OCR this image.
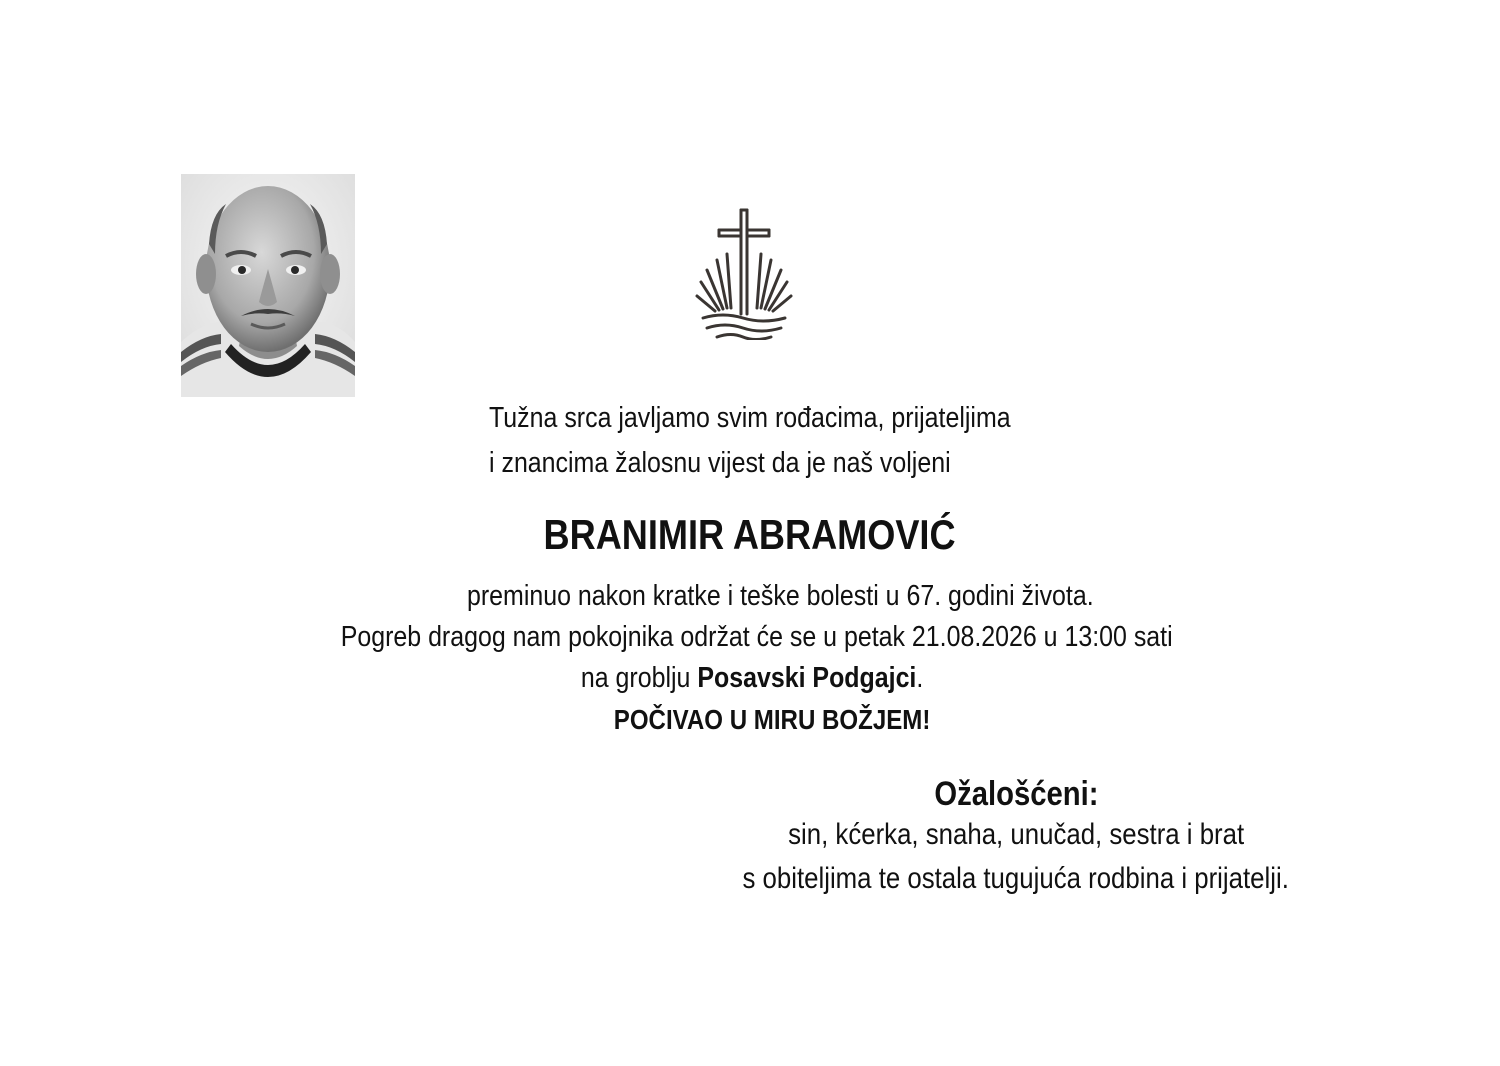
Tužna srca javljamo svim rođacima, prijateljima
i znancima žalosnu vijest da je naš voljeni
BRANIMIR ABRAMOVIĆ
preminuo nakon kratke i teške bolesti u 67. godini života.
Pogreb dragog nam pokojnika održat će se u petak 21.08.2026 u 13:00 sati
na groblju Posavski Podgajci.
POČIVAO U MIRU BOŽJEM!
Ožalošćeni:
sin, kćerka, snaha, unučad, sestra i brat
s obiteljima te ostala tugujuća rodbina i prijatelji.
